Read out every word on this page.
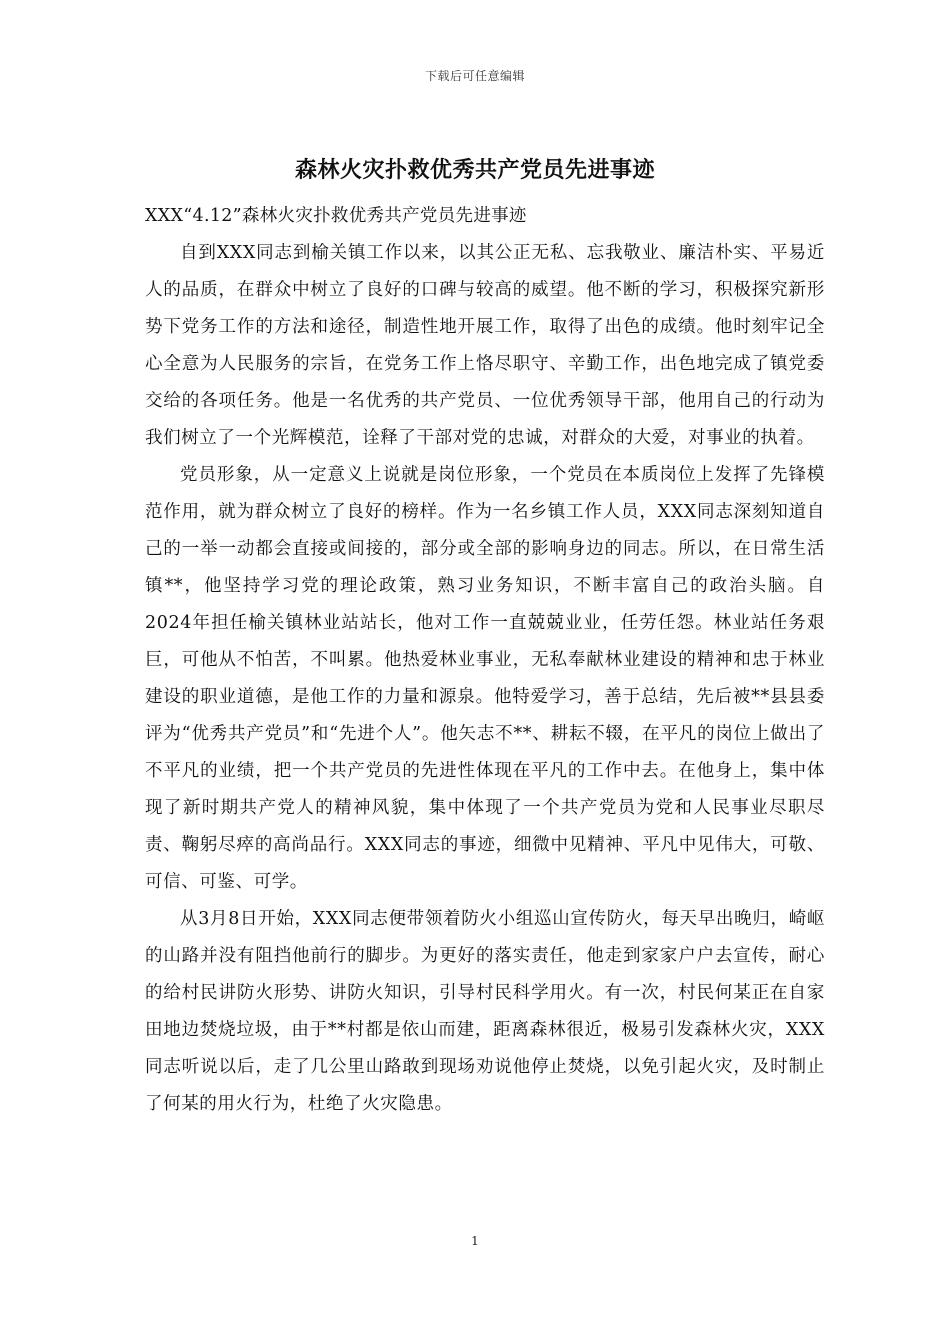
下载后可任意编辑
森林火灾扑救优秀共产党员先进事迹

XXX“4.12”森林火灾扑救优秀共产党员先进事迹

自到XXX同志到榆关镇工作以来，以其公正无私、忘我敬业、廉洁朴实、平易近人的品质，在群众中树立了良好的口碑与较高的威望。他不断的学习，积极探究新形势下党务工作的方法和途径，制造性地开展工作，取得了出色的成绩。他时刻牢记全心全意为人民服务的宗旨，在党务工作上恪尽职守、辛勤工作，出色地完成了镇党委交给的各项任务。他是一名优秀的共产党员、一位优秀领导干部，他用自己的行动为我们树立了一个光辉模范，诠释了干部对党的忠诚，对群众的大爱，对事业的执着。

党员形象，从一定意义上说就是岗位形象，一个党员在本质岗位上发挥了先锋模范作用，就为群众树立了良好的榜样。作为一名乡镇工作人员，XXX同志深刻知道自己的一举一动都会直接或间接的，部分或全部的影响身边的同志。所以，在日常生活镇**，他坚持学习党的理论政策，熟习业务知识，不断丰富自己的政治头脑。自2024年担任榆关镇林业站站长，他对工作一直兢兢业业，任劳任怨。林业站任务艰巨，可他从不怕苦，不叫累。他热爱林业事业，无私奉献林业建设的精神和忠于林业建设的职业道德，是他工作的力量和源泉。他特爱学习，善于总结，先后被**县县委评为“优秀共产党员”和“先进个人”。他矢志不**、耕耘不辍，在平凡的岗位上做出了不平凡的业绩，把一个共产党员的先进性体现在平凡的工作中去。在他身上，集中体现了新时期共产党人的精神风貌，集中体现了一个共产党员为党和人民事业尽职尽责、鞠躬尽瘁的高尚品行。XXX同志的事迹，细微中见精神、平凡中见伟大，可敬、可信、可鉴、可学。

从3月8日开始，XXX同志便带领着防火小组巡山宣传防火，每天早出晚归，崎岖的山路并没有阻挡他前行的脚步。为更好的落实责任，他走到家家户户去宣传，耐心的给村民讲防火形势、讲防火知识，引导村民科学用火。有一次，村民何某正在自家田地边焚烧垃圾，由于**村都是依山而建，距离森林很近，极易引发森林火灾，XXX同志听说以后，走了几公里山路敢到现场劝说他停止焚烧，以免引起火灾，及时制止了何某的用火行为，杜绝了火灾隐患。

1
